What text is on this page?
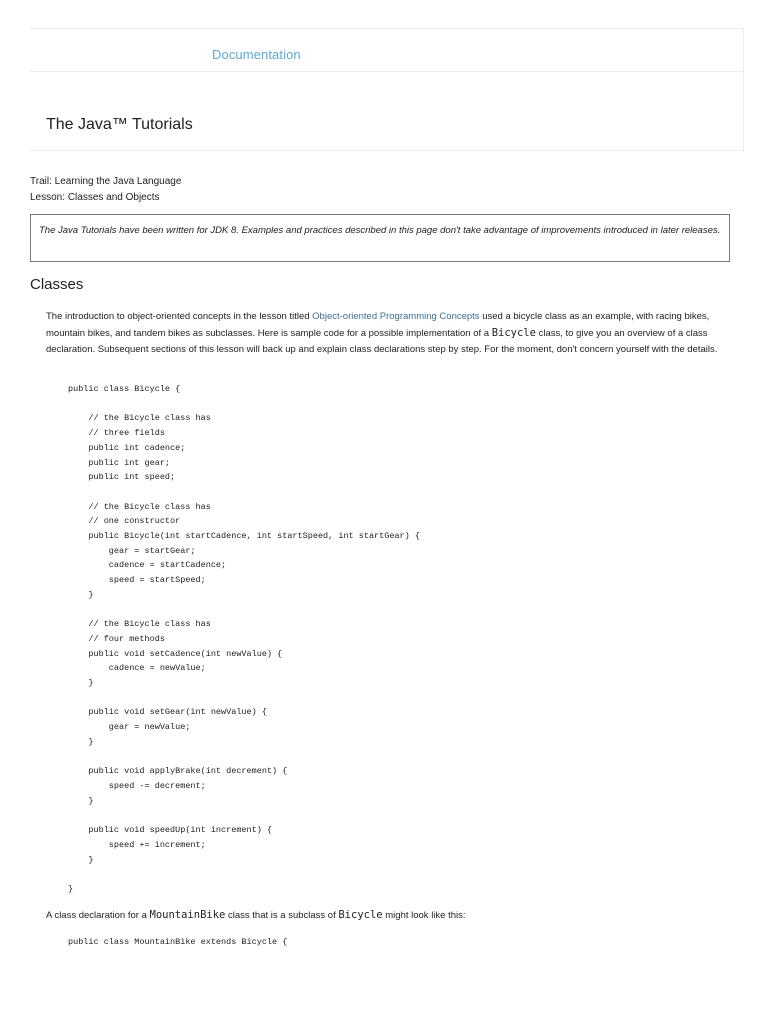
Documentation
The Java™ Tutorials
Trail: Learning the Java Language
Lesson: Classes and Objects
The Java Tutorials have been written for JDK 8. Examples and practices described in this page don't take advantage of improvements introduced in later releases.
Classes

The introduction to object-oriented concepts in the lesson titled Object-oriented Programming Concepts used a bicycle class as an example, with racing bikes, mountain bikes, and tandem bikes as subclasses. Here is sample code for a possible implementation of a Bicycle class, to give you an overview of a class declaration. Subsequent sections of this lesson will back up and explain class declarations step by step. For the moment, don't concern yourself with the details.

public class Bicycle {

// the Bicycle class has
// three fields
public int cadence;
public int gear;
public int speed;

// the Bicycle class has
// one constructor
public Bicycle(int startCadence, int startSpeed, int startGear) {
gear = startGear;
cadence = startCadence;
speed = startSpeed;
}

// the Bicycle class has
// four methods
public void setCadence(int newValue) {
cadence = newValue;
}

public void setGear(int newValue) {
gear = newValue;
}

public void applyBrake(int decrement) {
speed -= decrement;
}

public void speedUp(int increment) {
speed += increment;
}

}

A class declaration for a MountainBike class that is a subclass of Bicycle might look like this:

public class MountainBike extends Bicycle {
